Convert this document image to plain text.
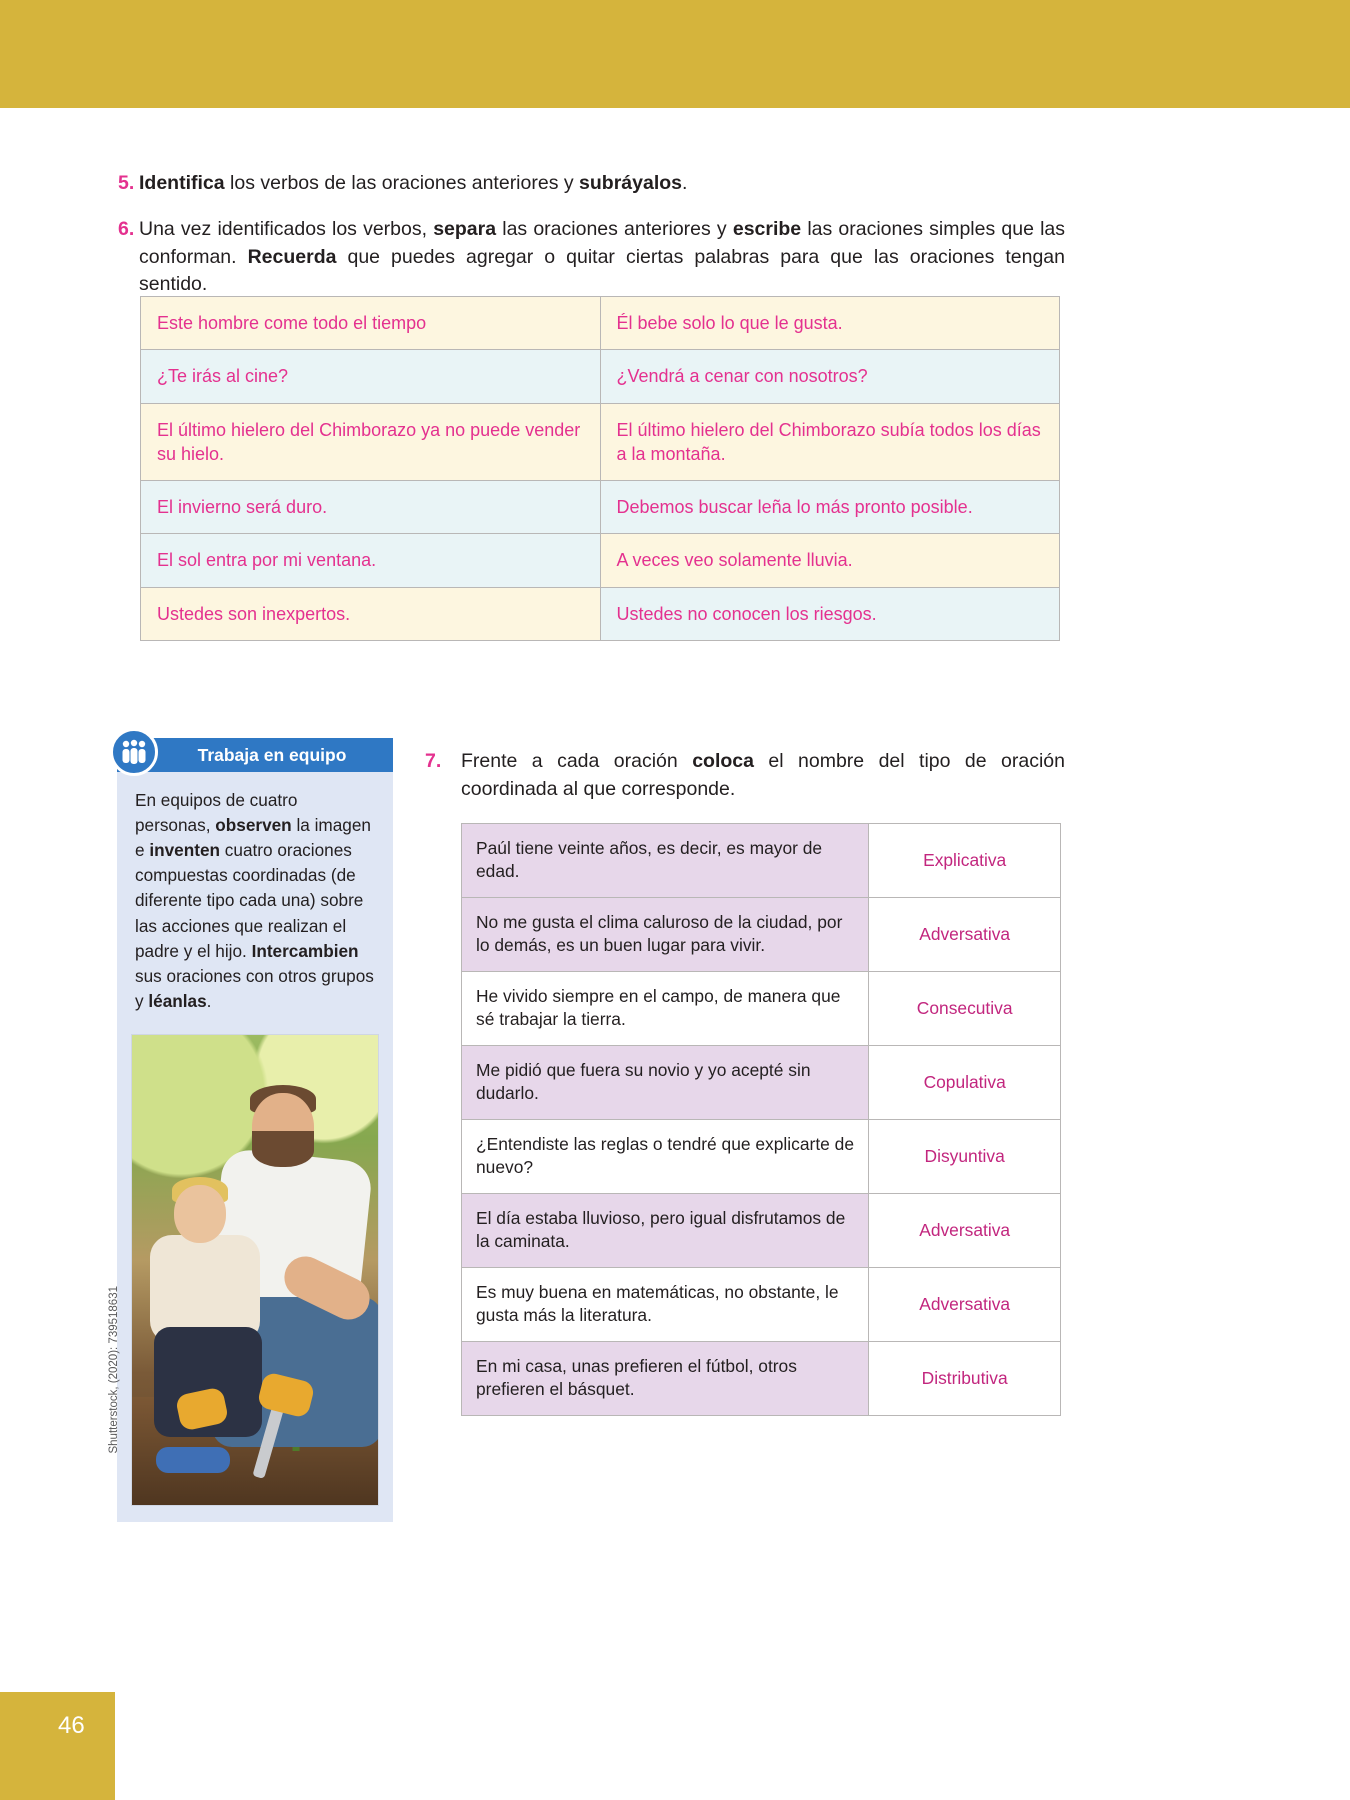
5. Identifica los verbos de las oraciones anteriores y subráyalos.
6. Una vez identificados los verbos, separa las oraciones anteriores y escribe las oraciones simples que las conforman. Recuerda que puedes agregar o quitar ciertas palabras para que las oraciones tengan sentido.
Este hombre come todo el tiempo	Él bebe solo lo que le gusta.
¿Te irás al cine?	¿Vendrá a cenar con nosotros?
El último hielero del Chimborazo ya no puede vender su hielo.	El último hielero del Chimborazo subía todos los días a la montaña.
El invierno será duro.	Debemos buscar leña lo más pronto posible.
El sol entra por mi ventana.	A veces veo solamente lluvia.
Ustedes son inexpertos.	Ustedes no conocen los riesgos.
En equipos de cuatro personas, observen la imagen e inventen cuatro oraciones compuestas coordinadas (de diferente tipo cada una) sobre las acciones que realizan el padre y el hijo. Intercambien sus oraciones con otros grupos y léanlas.
Trabaja en equipo
Shutterstock, (2020): 739518631
7.	Frente a cada oración coloca el nombre del tipo de oración coordinada al que corresponde.
Paúl tiene veinte años, es decir, es mayor de edad.	Explicativa
No me gusta el clima caluroso de la ciudad, por lo demás, es un buen lugar para vivir.	Adversativa
He vivido siempre en el campo, de manera que sé trabajar la tierra.	Consecutiva
Me pidió que fuera su novio y yo acepté sin dudarlo.	Copulativa
¿Entendiste las reglas o tendré que explicarte de nuevo?	Disyuntiva
El día estaba lluvioso, pero igual disfrutamos de la caminata.	Adversativa
Es muy buena en matemáticas, no obstante, le gusta más la literatura.	Adversativa
En mi casa, unas prefieren el fútbol, otros prefieren el básquet.	Distributiva
46
